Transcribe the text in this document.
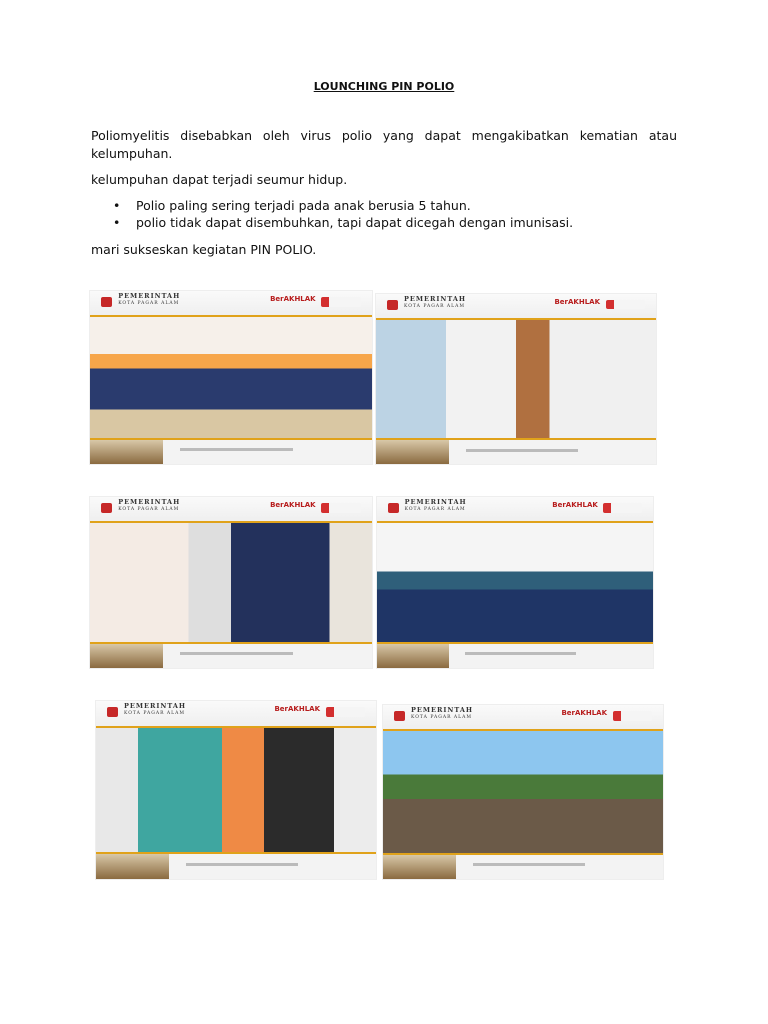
LOUNCHING PIN POLIO

Poliomyelitis disebabkan oleh virus polio yang dapat mengakibatkan kematian atau kelumpuhan.

kelumpuhan dapat terjadi seumur hidup.

• Polio paling sering terjadi pada anak berusia 5 tahun.
• polio tidak dapat disembuhkan, tapi dapat dicegah dengan imunisasi.

mari sukseskan kegiatan PIN POLIO.

PEMERINTAH
KOTA PAGAR ALAM
BerAKHLAK	PEMERINTAH
KOTA PAGAR ALAM
BerAKHLAK
PEMERINTAH
KOTA PAGAR ALAM
BerAKHLAK	PEMERINTAH
KOTA PAGAR ALAM
BerAKHLAK
PEMERINTAH
KOTA PAGAR ALAM
BerAKHLAK	PEMERINTAH
KOTA PAGAR ALAM
BerAKHLAK
